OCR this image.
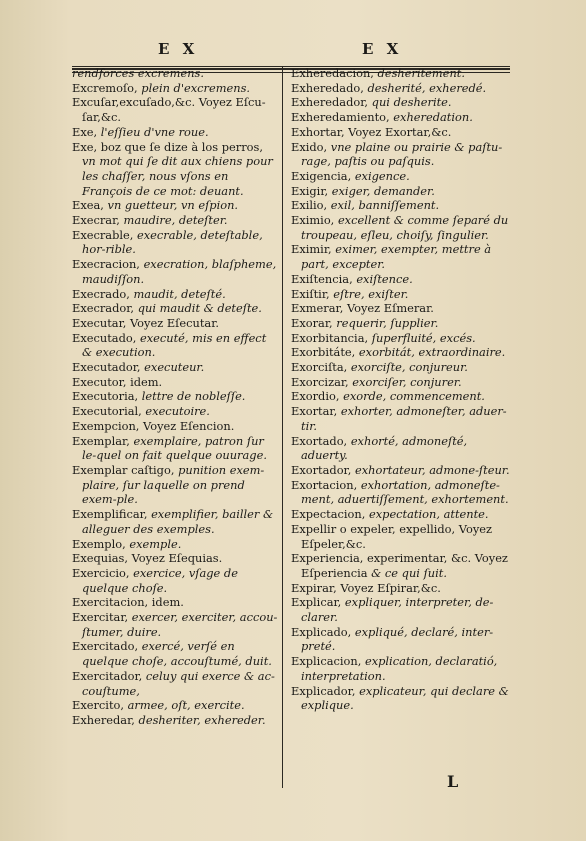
E X	E X
rendforces excremens.
Excremoſo, plein d'excremens.
Excuſar,excuſado,&c. Voyez Eſcu-ſar,&c.
Exe, l'eſſieu d'vne roue.
Exe, boz que ſe dize à los perros, vn mot qui ſe dit aux chiens pour les chaſſer, nous vſons en François de ce mot: deuant.
Exea, vn guetteur, vn eſpion.
Execrar, maudire, deteſter.
Execrable, execrable, deteſtable, hor-rible.
Execracion, execration, blaſpheme, maudiſſon.
Execrado, maudit, deteſté.
Execrador, qui maudit & deteſte.
Executar, Voyez Eſecutar.
Executado, executé, mis en effect & execution.
Executador, executeur.
Executor, idem.
Executoria, lettre de nobleſſe.
Executorial, executoire.
Exempcion, Voyez Eſencion.
Exemplar, exemplaire, patron ſur le-quel on fait quelque ouurage.
Exemplar caſtigo, punition exem-plaire, ſur laquelle on prend exem-ple.
Exemplificar, exemplifier, bailler & alleguer des exemples.
Exemplo, exemple.
Exequias, Voyez Eſequias.
Exercicio, exercice, vſage de quelque choſe.
Exercitacion, idem.
Exercitar, exercer, exerciter, accou-ſtumer, duire.
Exercitado, exercé, verſé en quelque choſe, accouſtumé, duit.
Exercitador, celuy qui exerce & ac-couſtume,
Exercito, armee, oſt, exercite.
Exheredar, desheriter, exhereder.
Exheredacion, desheritement.
Exheredado, desherité, exheredé.
Exheredador, qui desherite.
Exheredamiento, exheredation.
Exhortar, Voyez Exortar,&c.
Exido, vne plaine ou prairie & paſtu-rage, paſtis ou paſquis.
Exigencia, exigence.
Exigir, exiger, demander.
Exilio, exil, banniſſement.
Eximio, excellent & comme ſeparé du troupeau, eſleu, choiſy, ſingulier.
Eximir, eximer, exempter, mettre à part, excepter.
Exiſtencia, exiſtence.
Exiſtir, eſtre, exiſter.
Exmerar, Voyez Eſmerar.
Exorar, requerir, ſupplier.
Exorbitancia, ſuperfluité, excés.
Exorbitáte, exorbitát, extraordinaire.
Exorciſta, exorciſte, conjureur.
Exorcizar, exorciſer, conjurer.
Exordio, exorde, commencement.
Exortar, exhorter, admoneſter, aduer-tir.
Exortado, exhorté, admoneſté, aduerty.
Exortador, exhortateur, admone-ſteur.
Exortacion, exhortation, admoneſte-ment, aduertiſſement, exhortement.
Expectacion, expectation, attente.
Expellir o expeler, expellido, Voyez Eſpeler,&c.
Experiencia, experimentar, &c. Voyez Eſperiencia & ce qui ſuit.
Expirar, Voyez Eſpirar,&c.
Explicar, expliquer, interpreter, de-clarer.
Explicado, expliqué, declaré, inter-preté.
Explicacion, explication, declaratió, interpretation.
Explicador, explicateur, qui declare & explique.
L
